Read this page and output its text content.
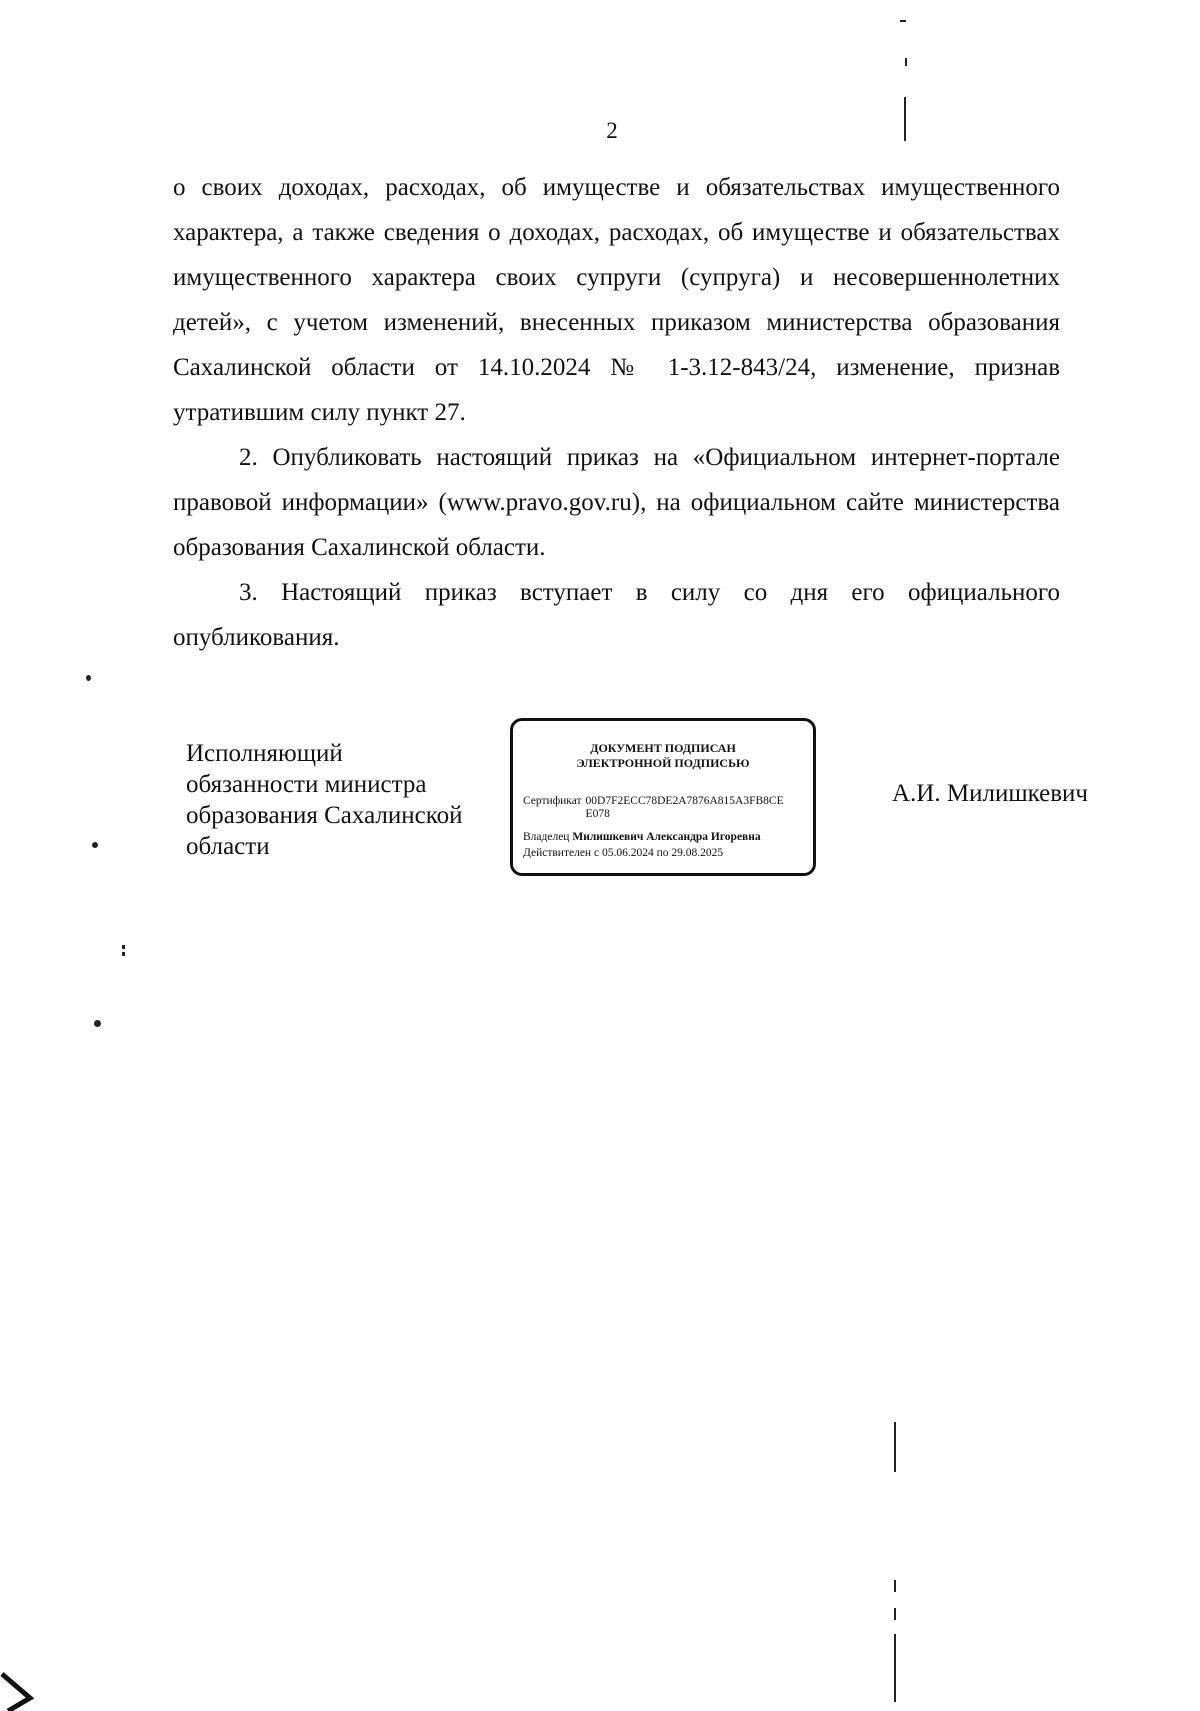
2

о своих доходах, расходах, об имуществе и обязательствах имущественного характера, а также сведения о доходах, расходах, об имуществе и обязательствах имущественного характера своих супруги (супруга) и несовершеннолетних детей», с учетом изменений, внесенных приказом министерства образования Сахалинской области от 14.10.2024 № 1-3.12-843/24, изменение, признав утратившим силу пункт 27.

2. Опубликовать настоящий приказ на «Официальном интернет-портале правовой информации» (www.pravo.gov.ru), на официальном сайте министерства образования Сахалинской области.

3. Настоящий приказ вступает в силу со дня его официального опубликования.

Исполняющий
обязанности министра
образования Сахалинской
области
ДОКУМЕНТ ПОДПИСАН
ЭЛЕКТРОННОЙ ПОДПИСЬЮ
Сертификат 00D7F2ECC78DE2A7876A815A3FB8CE E078
Владелец Милишкевич Александра Игоревна
Действителен с 05.06.2024 по 29.08.2025
А.И. Милишкевич
